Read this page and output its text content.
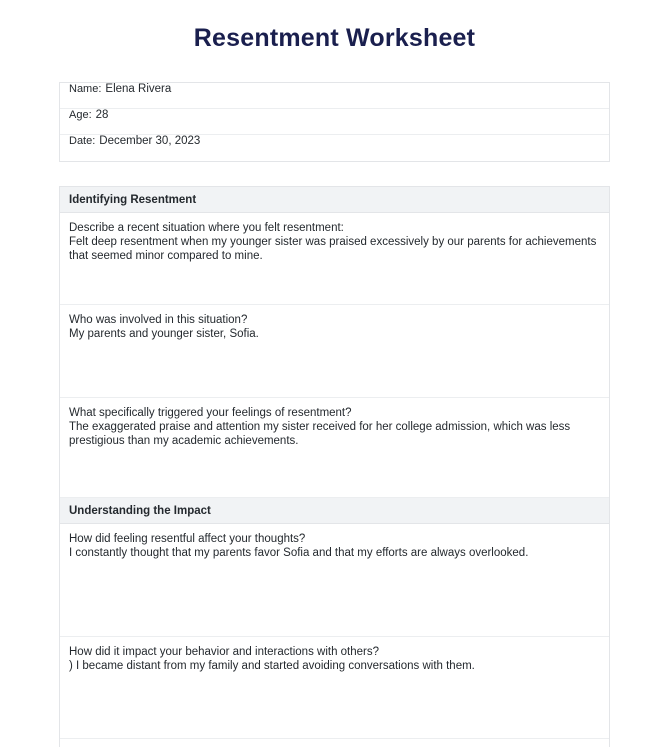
Resentment Worksheet
Name: Elena Rivera
Age: 28
Date: December 30, 2023
Identifying Resentment

Describe a recent situation where you felt resentment:

Felt deep resentment when my younger sister was praised excessively by our parents for achievements that seemed minor compared to mine.

Who was involved in this situation?

My parents and younger sister, Sofia.

What specifically triggered your feelings of resentment?

The exaggerated praise and attention my sister received for her college admission, which was less prestigious than my academic achievements.

Understanding the Impact

How did feeling resentful affect your thoughts?

I constantly thought that my parents favor Sofia and that my efforts are always overlooked.

How did it impact your behavior and interactions with others?

) I became distant from my family and started avoiding conversations with them.
